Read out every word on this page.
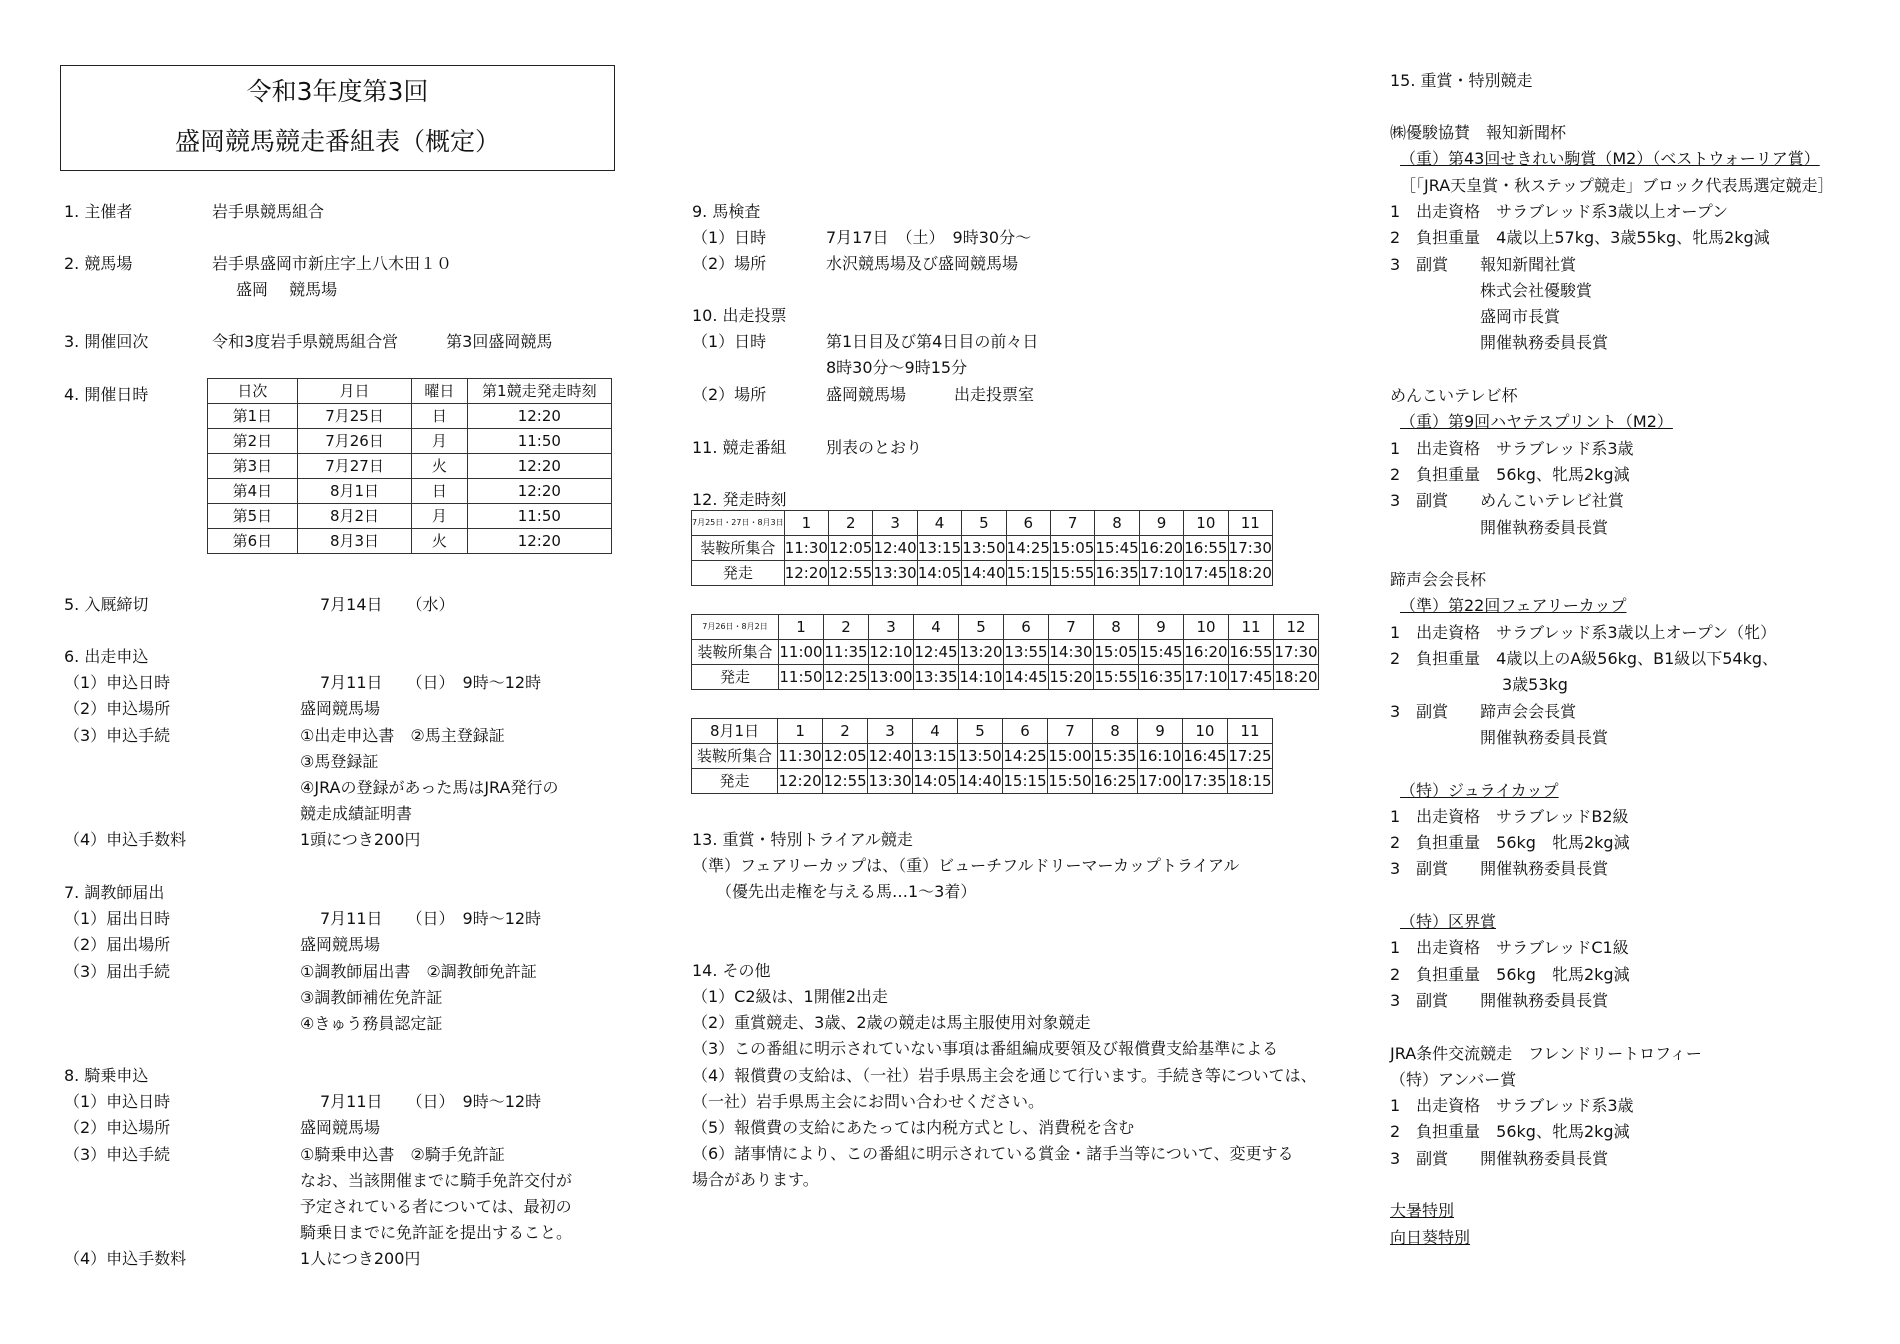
令和3年度第3回
盛岡競馬競走番組表（概定）
1. 主催者	岩手県競馬組合
2. 競馬場	岩手県盛岡市新庄字上八木田１０
盛岡　 競馬場
3. 開催回次	令和3度岩手県競馬組合営　　　第3回盛岡競馬
4. 開催日時	日次	月日	曜日	第1競走発走時刻
第1日	7月25日	日	12:20
第2日	7月26日	月	11:50
第3日	7月27日	火	12:20
第4日	8月1日	日	12:20
第5日	8月2日	月	11:50
第6日	8月3日	火	12:20
5. 入厩締切	7月14日　　（水）
6. 出走申込
（1）申込日時	7月11日　　（日）　9時～12時
（2）申込場所	盛岡競馬場
（3）申込手続	①出走申込書　②馬主登録証
③馬登録証
④JRAの登録があった馬はJRA発行の
競走成績証明書
（4）申込手数料	1頭につき200円
7. 調教師届出
（1）届出日時	7月11日　　（日）　9時～12時
（2）届出場所	盛岡競馬場
（3）届出手続	①調教師届出書　②調教師免許証
③調教師補佐免許証
④きゅう務員認定証
8. 騎乗申込
（1）申込日時	7月11日　　（日）　9時～12時
（2）申込場所	盛岡競馬場
（3）申込手続	①騎乗申込書　②騎手免許証
なお、当該開催までに騎手免許交付が
予定されている者については、最初の
騎乗日までに免許証を提出すること。
（4）申込手数料	1人につき200円
9. 馬検査
（1）日時	7月17日　（土）　9時30分～
（2）場所	水沢競馬場及び盛岡競馬場
10. 出走投票
（1）日時	第1日目及び第4日目の前々日
8時30分～9時15分
（2）場所	盛岡競馬場　　　出走投票室
11. 競走番組 別表のとおり
12. 発走時刻
7月25日・27日・8月3日	1	2	3	4	5	6	7	8	9	10	11
装鞍所集合	11:30	12:05	12:40	13:15	13:50	14:25	15:05	15:45	16:20	16:55	17:30
発走	12:20	12:55	13:30	14:05	14:40	15:15	15:55	16:35	17:10	17:45	18:20
7月26日・8月2日	1	2	3	4	5	6	7	8	9	10	11	12
装鞍所集合	11:00	11:35	12:10	12:45	13:20	13:55	14:30	15:05	15:45	16:20	16:55	17:30
発走	11:50	12:25	13:00	13:35	14:10	14:45	15:20	15:55	16:35	17:10	17:45	18:20
8月1日	1	2	3	4	5	6	7	8	9	10	11
装鞍所集合	11:30	12:05	12:40	13:15	13:50	14:25	15:00	15:35	16:10	16:45	17:25
発走	12:20	12:55	13:30	14:05	14:40	15:15	15:50	16:25	17:00	17:35	18:15
13. 重賞・特別トライアル競走
（準）フェアリーカップは、（重）ビューチフルドリーマーカップトライアル
　　（優先出走権を与える馬…1～3着）
14. その他
（1）C2級は、1開催2出走
（2）重賞競走、3歳、2歳の競走は馬主服使用対象競走
（3）この番組に明示されていない事項は番組編成要領及び報償費支給基準による
（4）報償費の支給は、（一社）岩手県馬主会を通じて行います。手続き等については、
（一社）岩手県馬主会にお問い合わせください。
（5）報償費の支給にあたっては内税方式とし、消費税を含む
（6）諸事情により、この番組に明示されている賞金・諸手当等について、変更する
場合があります。
15. 重賞・特別競走
㈱優駿協賛　報知新聞杯
（重）第43回せきれい駒賞（M2）（ベストウォーリア賞）
［「JRA天皇賞・秋ステップ競走」ブロック代表馬選定競走］
1　出走資格　サラブレッド系3歳以上オープン
2　負担重量　4歳以上57kg、3歳55kg、牝馬2kg減
3　副賞　　報知新聞社賞
株式会社優駿賞
盛岡市長賞
開催執務委員長賞
めんこいテレビ杯
（重）第9回ハヤテスプリント（M2）
1　出走資格　サラブレッド系3歳
2　負担重量　56kg、牝馬2kg減
3　副賞　　めんこいテレビ社賞
開催執務委員長賞
蹄声会会長杯
（準）第22回フェアリーカップ
1　出走資格　サラブレッド系3歳以上オープン（牝）
2　負担重量　4歳以上のA級56kg、B1級以下54kg、
3歳53kg
3　副賞　　蹄声会会長賞
開催執務委員長賞
（特）ジュライカップ
1　出走資格　サラブレッドB2級
2　負担重量　56kg　牝馬2kg減
3　副賞　　開催執務委員長賞
（特）区界賞
1　出走資格　サラブレッドC1級
2　負担重量　56kg　牝馬2kg減
3　副賞　　開催執務委員長賞
JRA条件交流競走　フレンドリートロフィー
（特）アンバー賞
1　出走資格　サラブレッド系3歳
2　負担重量　56kg、牝馬2kg減
3　副賞　　開催執務委員長賞
大暑特別
向日葵特別
